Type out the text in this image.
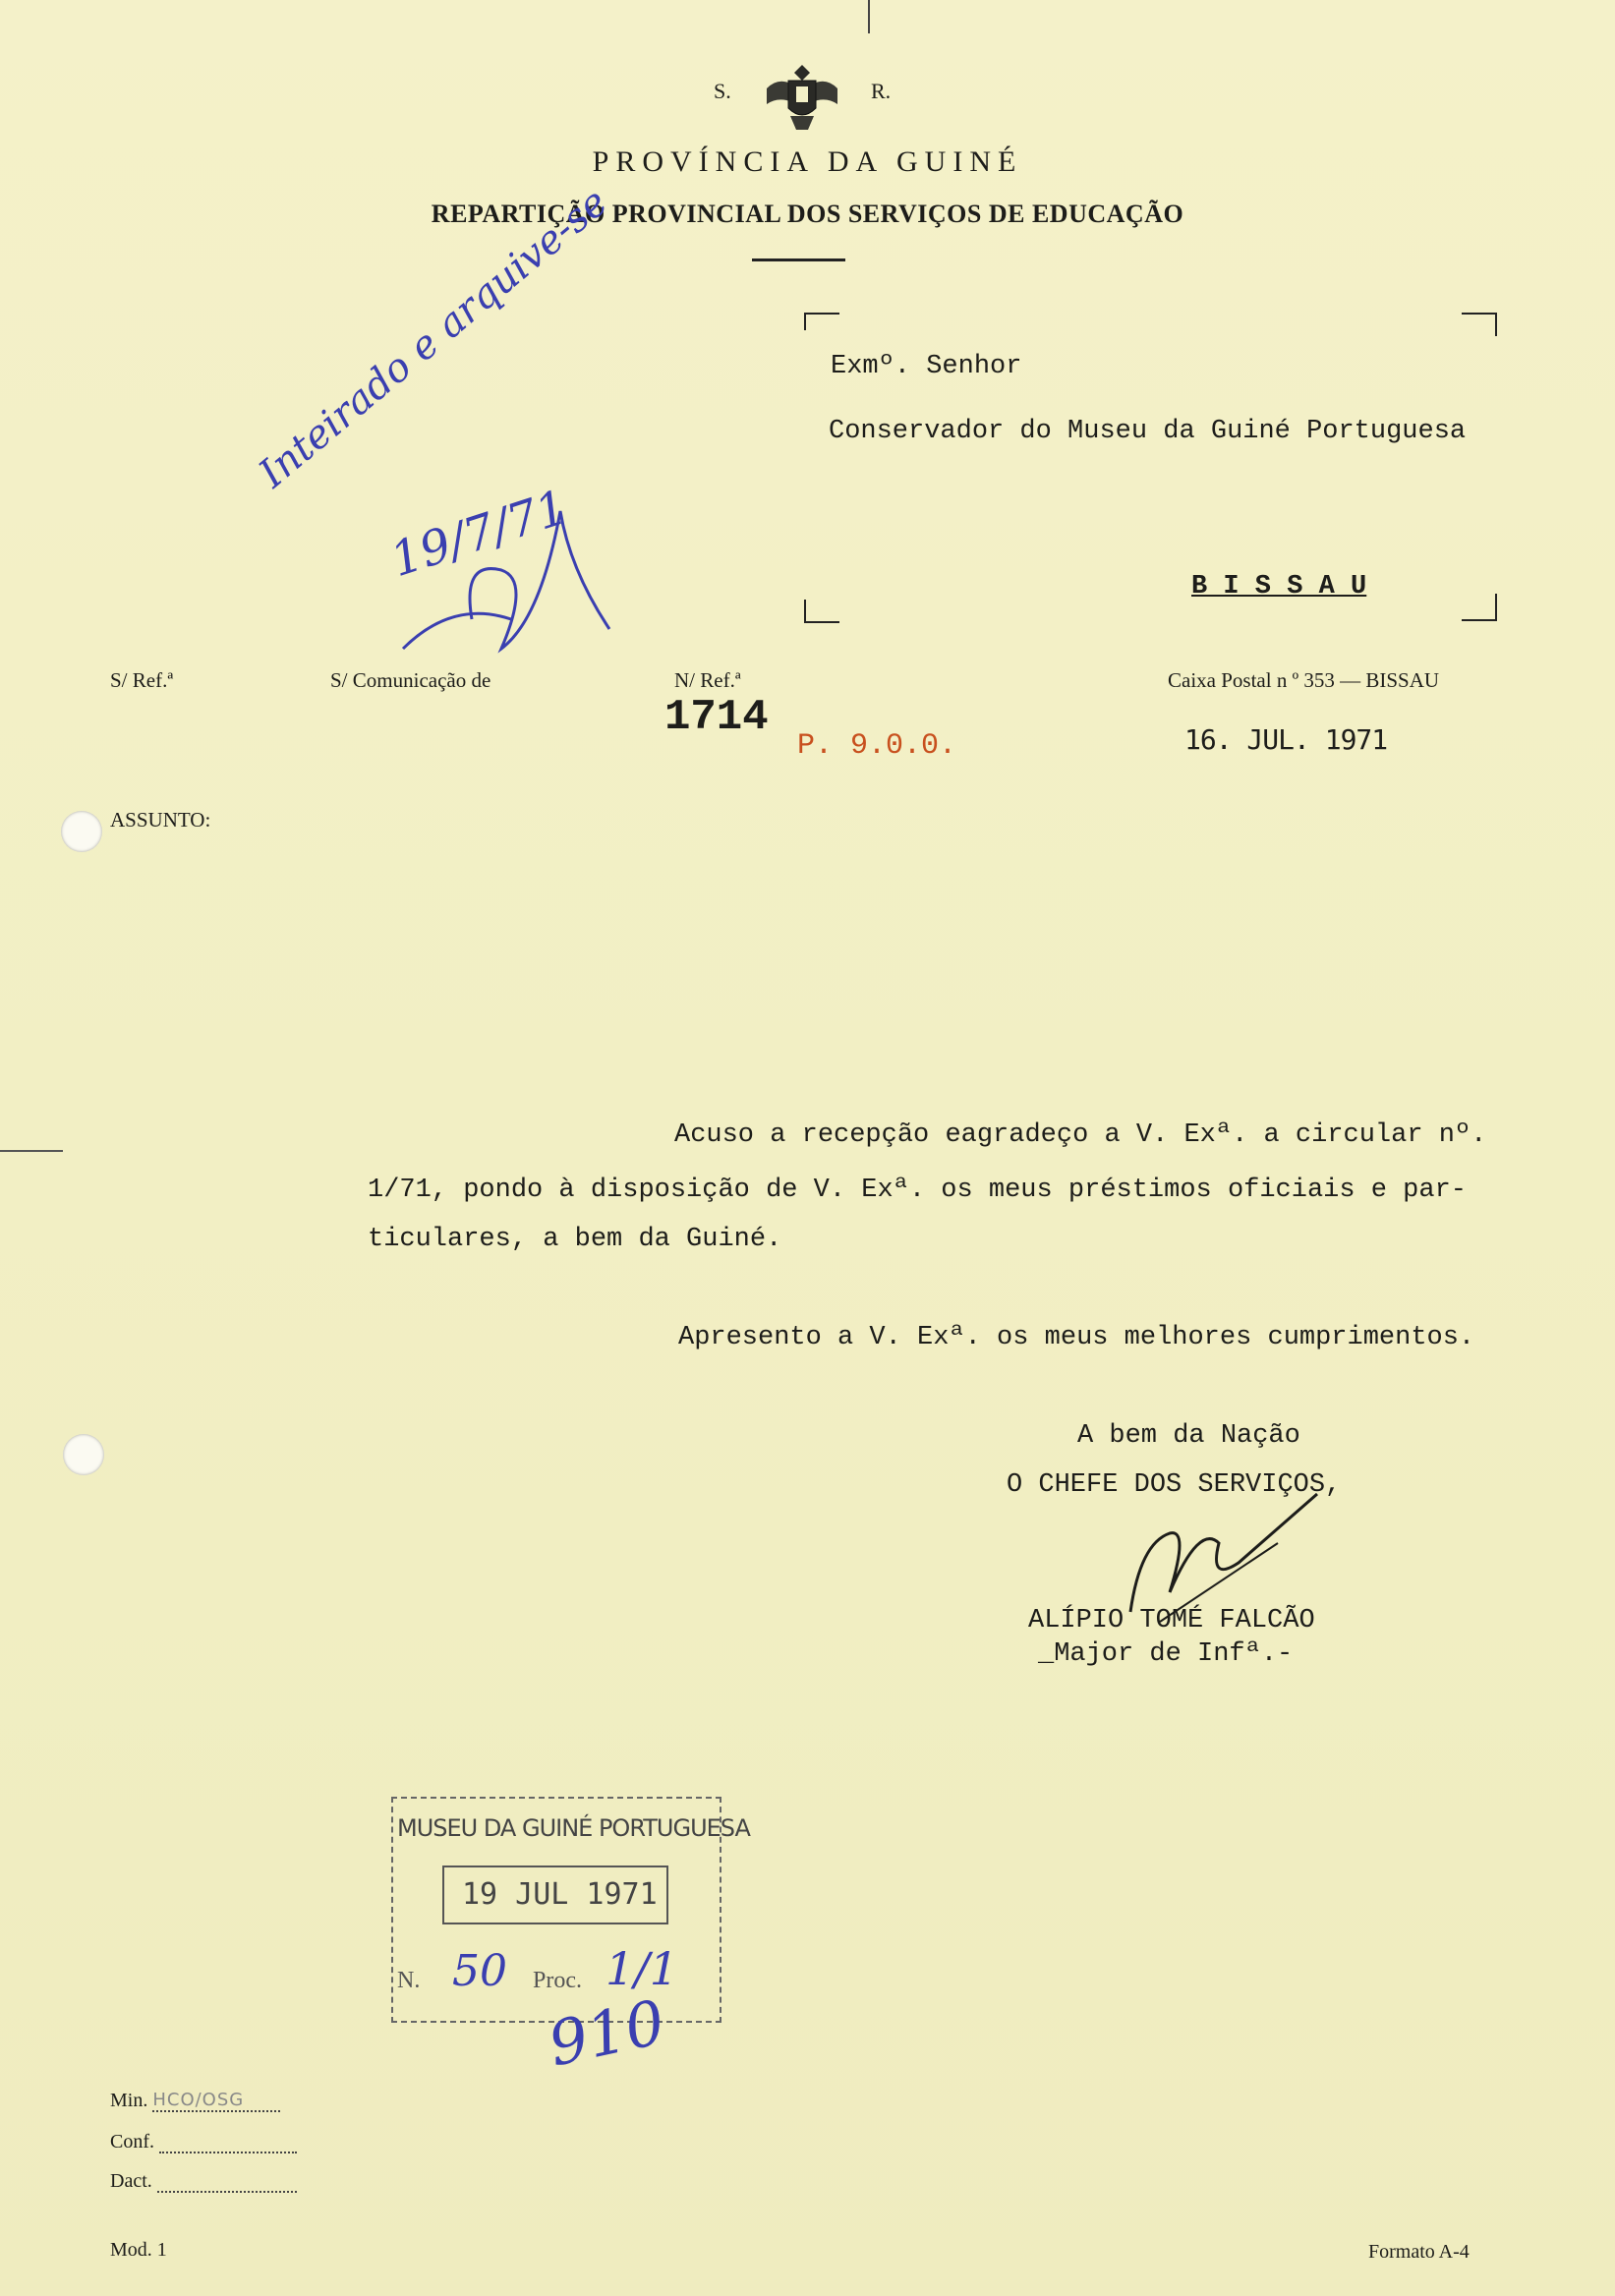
S.	R.
PROVÍNCIA DA GUINÉ
REPARTIÇÃO PROVINCIAL DOS SERVIÇOS DE EDUCAÇÃO
Exmº. Senhor
Conservador do Museu da Guiné Portuguesa
B I S S A U
Inteirado e arquive-se
19/7/71
S/ Ref.ª	S/ Comunicação de	N/ Ref.ª	Caixa Postal n º 353 — BISSAU
1714
P. 9.0.0.	16. JUL. 1971
ASSUNTO:
Acuso a recepção eagradeço a V. Exª. a circular nº.
1/71, pondo à disposição de V. Exª. os meus préstimos oficiais e par-
ticulares, a bem da Guiné.
Apresento a V. Exª. os meus melhores cumprimentos.
A bem da Nação
O CHEFE DOS SERVIÇOS,
ALÍPIO TOMÉ FALCÃO
_Major de Infª.-
MUSEU DA GUINÉ PORTUGUESA
19 JUL 1971
N. 50 Proc. 1/1
910
Min. HCO/OSG
Conf.
Dact.
Mod. 1	Formato A-4
